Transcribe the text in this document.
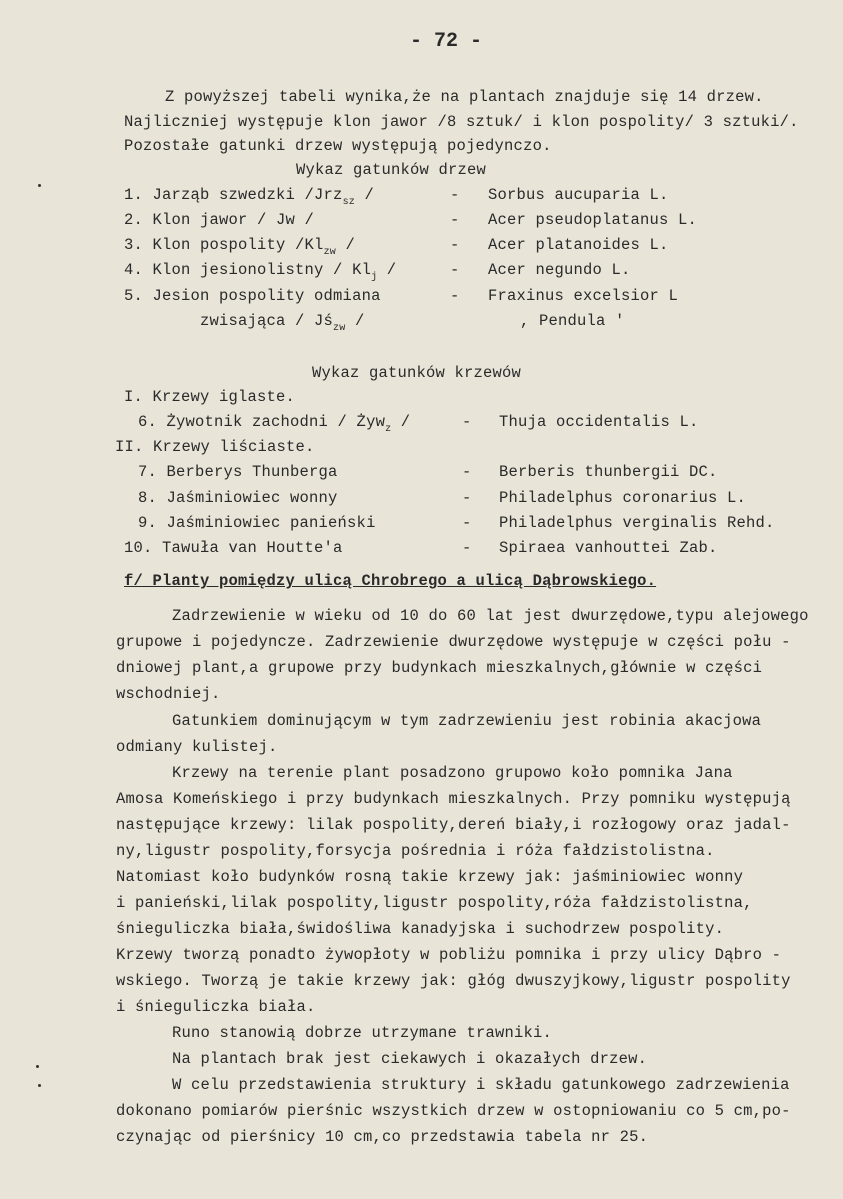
- 72 -
Z powyższej tabeli wynika,że na plantach znajduje się 14 drzew.
Najliczniej występuje klon jawor /8 sztuk/ i klon pospolity/ 3 sztuki/.
Pozostałe gatunki drzew występują pojedynczo.
Wykaz gatunków drzew
1. Jarząb szwedzki /Jrz$_{sz}$ /	- Sorbus aucuparia L.
2. Klon jawor / Jw /	- Acer pseudoplatanus L.
3. Klon pospolity $/Kl_{zw}$ /	- Acer platanoides L.
4. Klon jesionolistny / $Kl_j$ /	- Acer negundo L.
5. Jesion pospolity odmiana	- Fraxinus excelsior L
zwisająca / $Jś_{zw}$ /	, Pendula '
Wykaz gatunków krzewów
I. Krzewy iglaste.
6. Żywotnik zachodni / Żyw$_z$ /	- Thuja occidentalis L.
II. Krzewy liściaste.
7. Berberys Thunberga	- Berberis thunbergii DC.
8. Jaśminiowiec wonny	- Philadelphus coronarius L.
9. Jaśminiowiec panieński	- Philadelphus verginalis Rehd.
10. Tawuła van Houtte'a	- Spiraea vanhouttei Zab.
f/ Planty pomiędzy ulicą Chrobrego a ulicą Dąbrowskiego.
Zadrzewienie w wieku od 10 do 60 lat jest dwurzędowe,typu alejowego
grupowe i pojedyncze. Zadrzewienie dwurzędowe występuje w części połu -
dniowej plant,a grupowe przy budynkach mieszkalnych,głównie w części
wschodniej.
Gatunkiem dominującym w tym zadrzewieniu jest robinia akacjowa
odmiany kulistej.
Krzewy na terenie plant posadzono grupowo koło pomnika Jana
Amosa Komeńskiego i przy budynkach mieszkalnych. Przy pomniku występują
następujące krzewy: lilak pospolity,dereń biały,i rozłogowy oraz jadal-
ny,ligustr pospolity,forsycja pośrednia i róża fałdzistolistna.
Natomiast koło budynków rosną takie krzewy jak: jaśminiowiec wonny
i panieński,lilak pospolity,ligustr pospolity,róża fałdzistolistna,
śnieguliczka biała,świdośliwa kanadyjska i suchodrzew pospolity.
Krzewy tworzą ponadto żywopłoty w pobliżu pomnika i przy ulicy Dąbro -
wskiego. Tworzą je takie krzewy jak: głóg dwuszyjkowy,ligustr pospolity
i śnieguliczka biała.
Runo stanowią dobrze utrzymane trawniki.
Na plantach brak jest ciekawych i okazałych drzew.
W celu przedstawienia struktury i składu gatunkowego zadrzewienia
dokonano pomiarów pierśnic wszystkich drzew w ostopniowaniu co 5 cm,po-
czynając od pierśnicy 10 cm,co przedstawia tabela nr 25.
